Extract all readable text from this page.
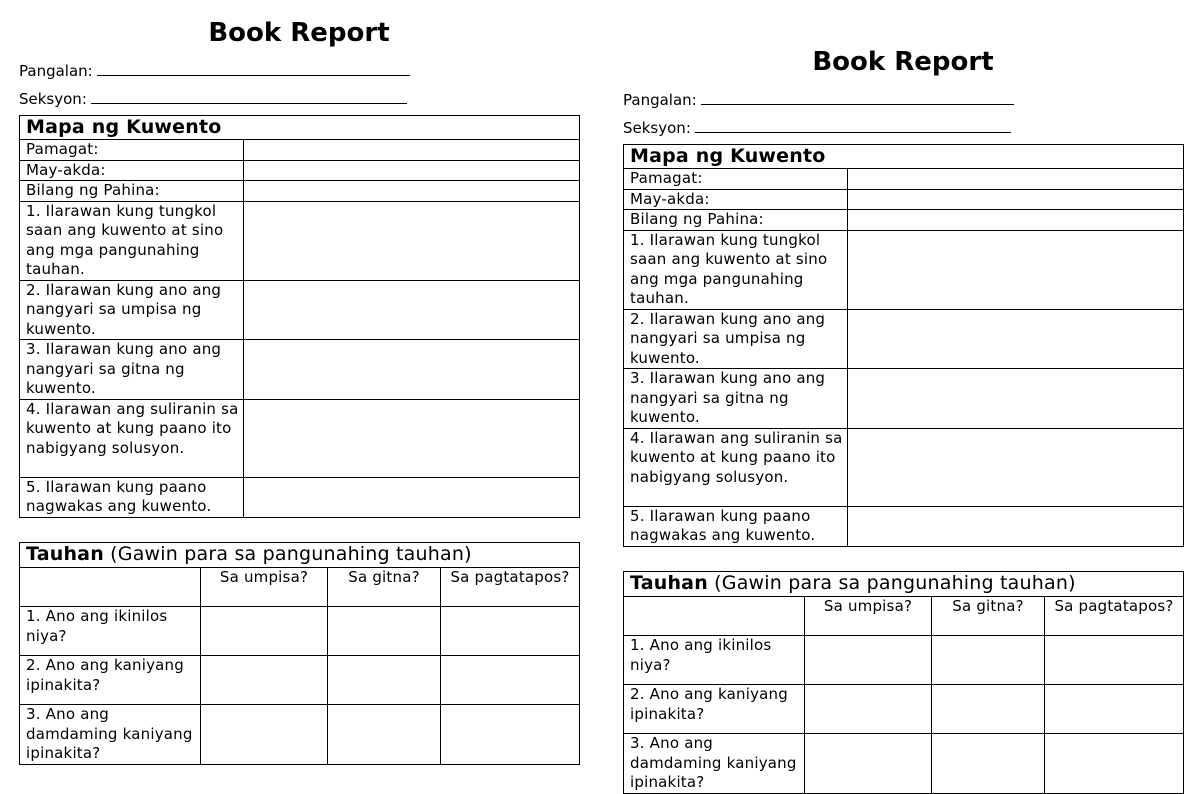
Book Report
Pangalan:
Seksyon:
Mapa ng Kuwento	
Pamagat:	
May-akda:	
Bilang ng Pahina:	
1. Ilarawan kung tungkol saan ang kuwento at sino ang mga pangunahing tauhan.	
2. Ilarawan kung ano ang nangyari sa umpisa ng kuwento.	
3. Ilarawan kung ano ang nangyari sa gitna ng kuwento.	
4. Ilarawan ang suliranin sa kuwento at kung paano ito nabigyang solusyon.	
5. Ilarawan kung paano nagwakas ang kuwento.	
Tauhan (Gawin para sa pangunahing tauhan)			
	Sa umpisa?	Sa gitna?	Sa pagtatapos?
1. Ano ang ikinilos niya?			
2. Ano ang kaniyang ipinakita?			
3. Ano ang damdaming kaniyang ipinakita?			
Book Report
Pangalan:
Seksyon:
Mapa ng Kuwento	
Pamagat:	
May-akda:	
Bilang ng Pahina:	
1. Ilarawan kung tungkol saan ang kuwento at sino ang mga pangunahing tauhan.	
2. Ilarawan kung ano ang nangyari sa umpisa ng kuwento.	
3. Ilarawan kung ano ang nangyari sa gitna ng kuwento.	
4. Ilarawan ang suliranin sa kuwento at kung paano ito nabigyang solusyon.	
5. Ilarawan kung paano nagwakas ang kuwento.	
Tauhan (Gawin para sa pangunahing tauhan)			
	Sa umpisa?	Sa gitna?	Sa pagtatapos?
1. Ano ang ikinilos niya?			
2. Ano ang kaniyang ipinakita?			
3. Ano ang damdaming kaniyang ipinakita?			
